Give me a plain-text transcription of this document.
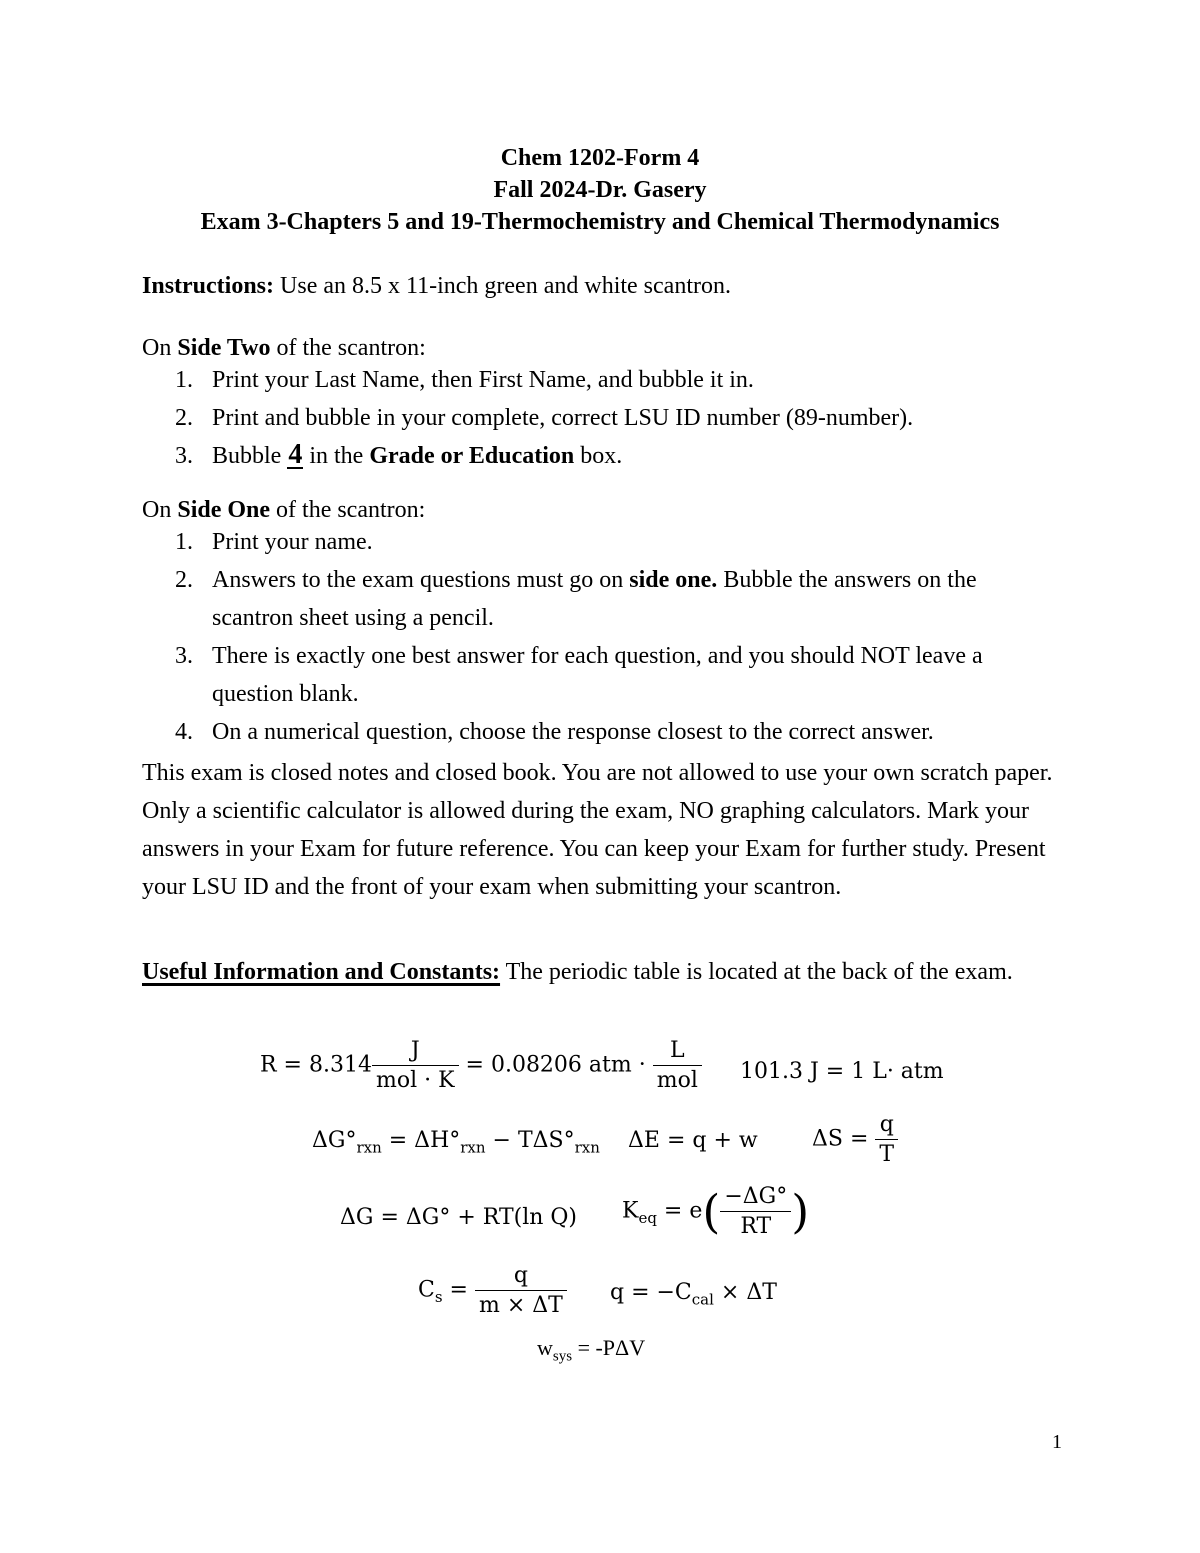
Chem 1202-Form 4
Fall 2024-Dr. Gasery
Exam 3-Chapters 5 and 19-Thermochemistry and Chemical Thermodynamics
Instructions: Use an 8.5 x 11-inch green and white scantron.
On Side Two of the scantron:
1. Print your Last Name, then First Name, and bubble it in.
2. Print and bubble in your complete, correct LSU ID number (89-number).
3. Bubble 4 in the Grade or Education box.
On Side One of the scantron:
1. Print your name.
2. Answers to the exam questions must go on side one. Bubble the answers on the scantron sheet using a pencil.
3. There is exactly one best answer for each question, and you should NOT leave a question blank.
4. On a numerical question, choose the response closest to the correct answer.
This exam is closed notes and closed book. You are not allowed to use your own scratch paper. Only a scientific calculator is allowed during the exam, NO graphing calculators. Mark your answers in your Exam for future reference. You can keep your Exam for further study. Present your LSU ID and the front of your exam when submitting your scantron.
Useful Information and Constants: The periodic table is located at the back of the exam.
$R = 8.314 \frac{J}{\text{mol · K}} = 0.08206$ atm · $\frac{L}{\text{mol}} 101.3$ J = 1 L· atm
$\Delta G^\circ_{rxn} = \Delta H^\circ_{rxn} - T\Delta S^\circ_{rxn}$ ΔE = q + w $\Delta S = \frac{q}{T}$
ΔG = ΔG° + RT(ln Q) $K_{eq} = e( \frac{-\Delta G^\circ}{RT}$ )
$C_s = \frac{q}{m \times \Delta T}$ $q = -C_{cal} \times \Delta T$
$w_{sys} = -P\Delta V$
1
